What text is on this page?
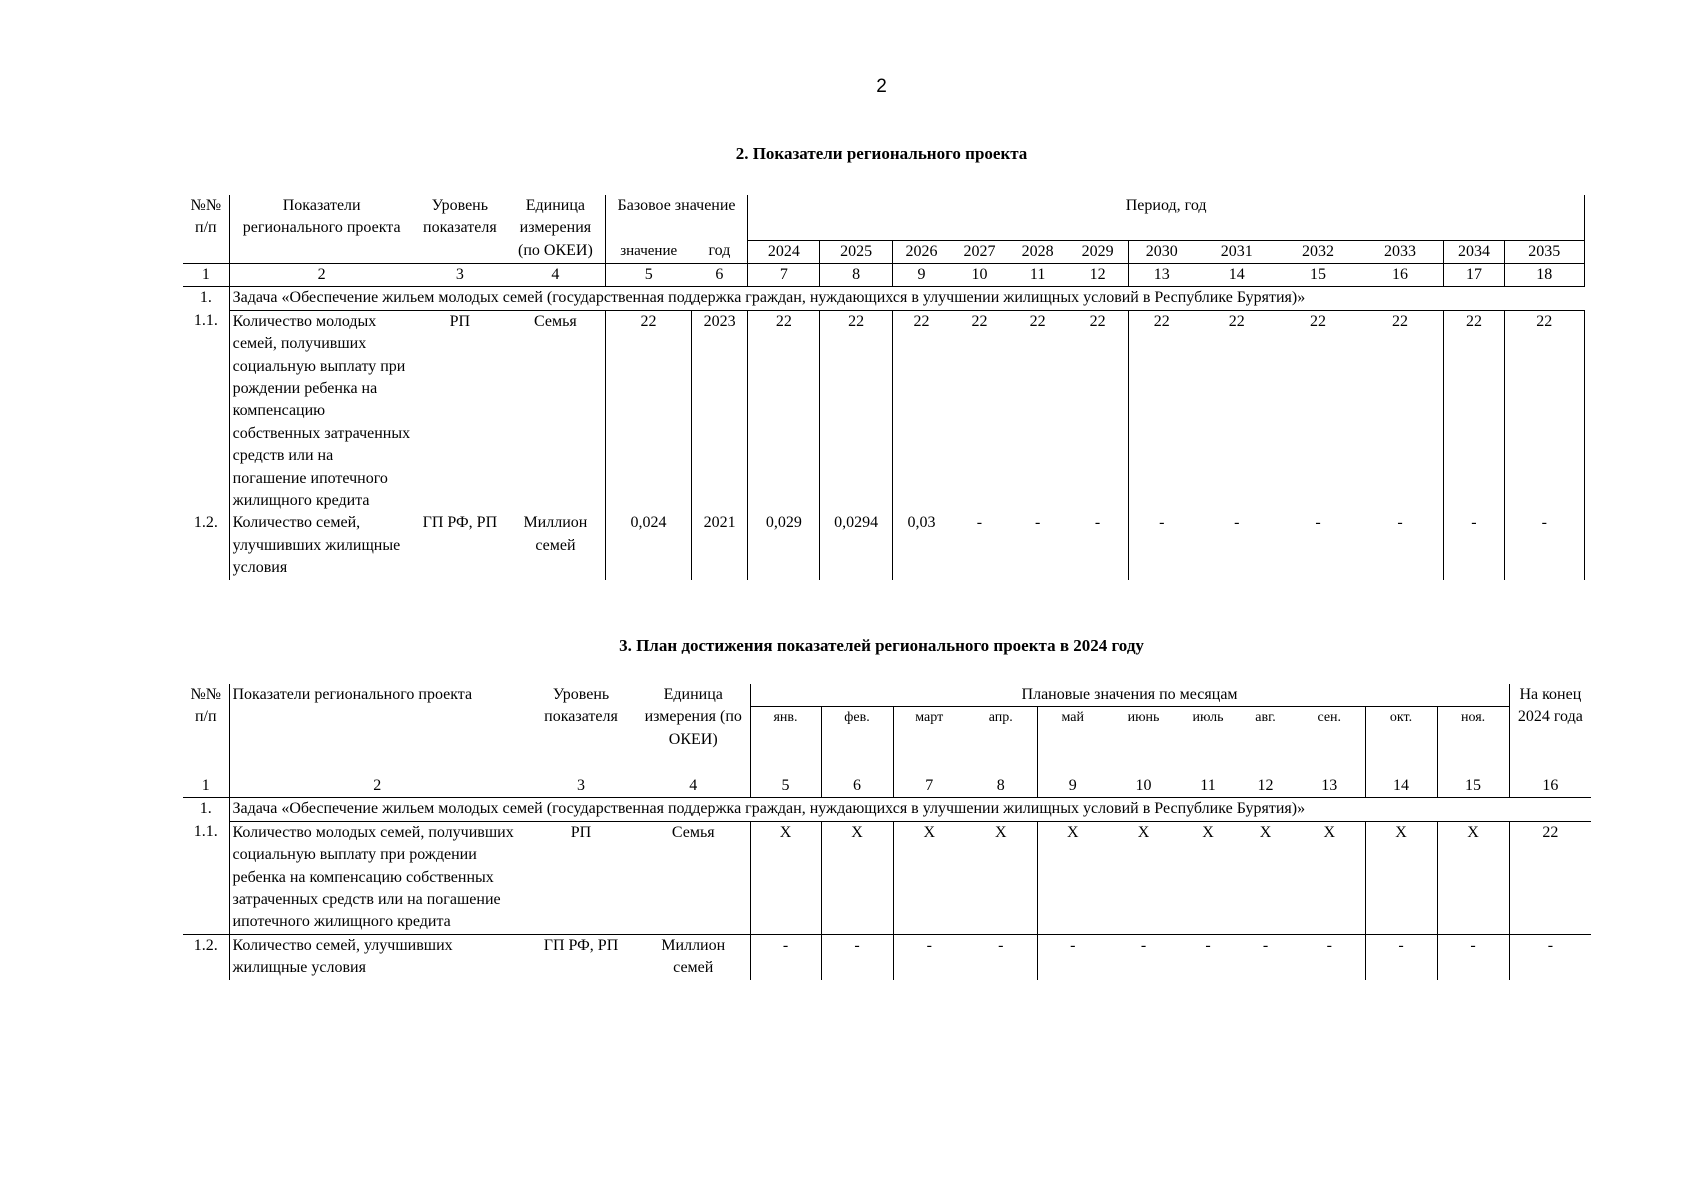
2
2. Показатели регионального проекта
№№ п/п	Показатели регионального проекта	Уровень показателя	Единица измерения (по ОКЕИ)	Базовое значение		Период, год											
				значение	год	2024	2025	2026	2027	2028	2029	2030	2031	2032	2033	2034	2035
1	2	3	4	5	6	7	8	9	10	11	12	13	14	15	16	17	18
1.	Задача «Обеспечение жильем молодых семей (государственная поддержка граждан, нуждающихся в улучшении жилищных условий в Республике Бурятия)»																
1.1.	Количество молодых семей, получивших социальную выплату при рождении ребенка на компенсацию собственных затраченных средств или на погашение ипотечного жилищного кредита	РП	Семья	22	2023	22	22	22	22	22	22	22	22	22	22	22	22
1.2.	Количество семей, улучшивших жилищные условия	ГП РФ, РП	Миллион семей	0,024	2021	0,029	0,0294	0,03	-	-	-	-	-	-	-	-	-
3. План достижения показателей регионального проекта в 2024 году
№№ п/п	Показатели регионального проекта	Уровень показателя	Единица измерения (по ОКЕИ)	Плановые значения по месяцам											На конец 2024 года
				янв.	фев.	март	апр.	май	июнь	июль	авг.	сен.	окт.	ноя.	
1	2	3	4	5	6	7	8	9	10	11	12	13	14	15	16
1.	Задача «Обеспечение жильем молодых семей (государственная поддержка граждан, нуждающихся в улучшении жилищных условий в Республике Бурятия)»														
1.1.	Количество молодых семей, получивших социальную выплату при рождении ребенка на компенсацию собственных затраченных средств или на погашение ипотечного жилищного кредита	РП	Семья	X	X	X	X	X	X	X	X	X	X	X	22
1.2.	Количество семей, улучшивших жилищные условия	ГП РФ, РП	Миллион семей	-	-	-	-	-	-	-	-	-	-	-	-
